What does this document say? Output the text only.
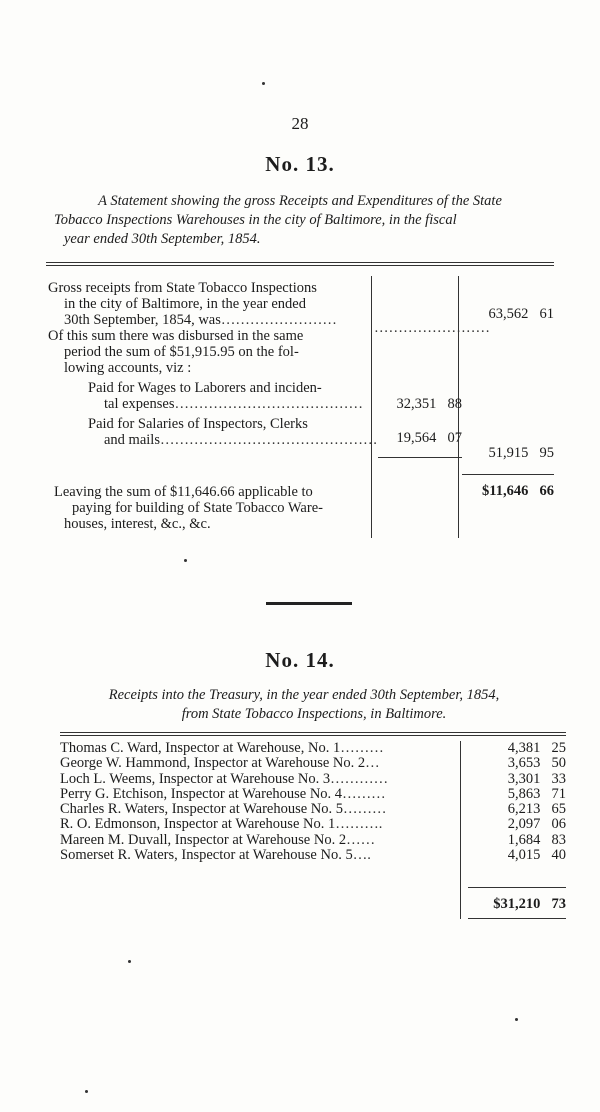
28
No. 13.
A Statement showing the gross Receipts and Expenditures of the State
Tobacco Inspections Warehouses in the city of Baltimore, in the fiscal
year ended 30th September, 1854.
Gross receipts from State Tobacco Inspections
in the city of Baltimore, in the year ended
30th September, 1854, was……………………	……………………
Of this sum there was disbursed in the same
period the sum of $51,915.95 on the fol-
lowing accounts, viz :
Paid for Wages to Laborers and inciden-
tal expenses…………………………………
Paid for Salaries of Inspectors, Clerks
and mails………………………………………
Leaving the sum of $11,646.66 applicable to
paying for building of State Tobacco Ware-
houses, interest, &c., &c.
63,562 61
32,351 88
19,564 07
51,915 95
$11,646 66
No. 14.
Receipts into the Treasury, in the year ended 30th September, 1854,
from State Tobacco Inspections, in Baltimore.
Thomas C. Ward, Inspector at Warehouse, No. 1………
George W. Hammond, Inspector at Warehouse No. 2…
Loch L. Weems, Inspector at Warehouse No. 3…………
Perry G. Etchison, Inspector at Warehouse No. 4………
Charles R. Waters, Inspector at Warehouse No. 5………
R. O. Edmonson, Inspector at Warehouse No. 1……….
Mareen M. Duvall, Inspector at Warehouse No. 2……
Somerset R. Waters, Inspector at Warehouse No. 5….
4,381 25
3,653 50
3,301 33
5,863 71
6,213 65
2,097 06
1,684 83
4,015 40
$31,210 73
